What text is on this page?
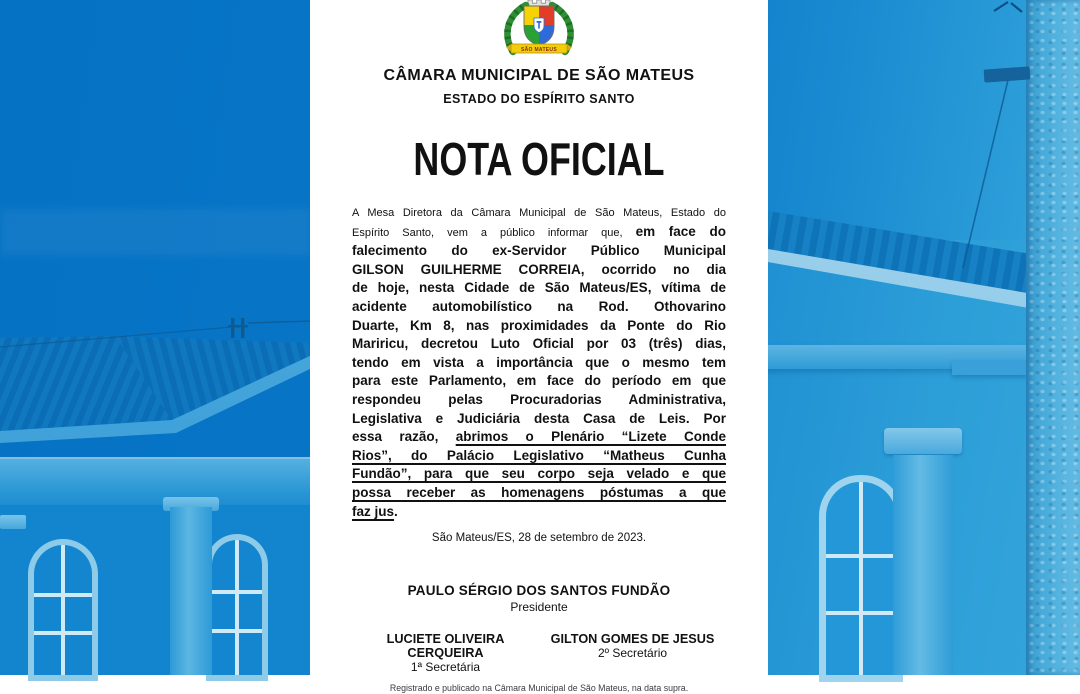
SÃO MATEUS
CÂMARA MUNICIPAL DE SÃO MATEUS
ESTADO DO ESPÍRITO SANTO
NOTA OFICIAL
A Mesa Diretora da Câmara Municipal de São Mateus, Estado do
Espírito Santo, vem a público informar que, em face do
falecimento do ex-Servidor Público Municipal
GILSON GUILHERME CORREIA, ocorrido no dia
de hoje, nesta Cidade de São Mateus/ES, vítima de
acidente automobilístico na Rod. Othovarino
Duarte, Km 8, nas proximidades da Ponte do Rio
Mariricu, decretou Luto Oficial por 03 (três) dias,
tendo em vista a importância que o mesmo tem
para este Parlamento, em face do período em que
respondeu pelas Procuradorias Administrativa,
Legislativa e Judiciária desta Casa de Leis. Por
essa razão, abrimos o Plenário “Lizete Conde
Rios”, do Palácio Legislativo “Matheus Cunha
Fundão”, para que seu corpo seja velado e que
possa receber as homenagens póstumas a que
faz jus.
São Mateus/ES, 28 de setembro de 2023.
PAULO SÉRGIO DOS SANTOS FUNDÃO
Presidente
LUCIETE OLIVEIRA CERQUEIRA
1ª Secretária
GILTON GOMES DE JESUS
2º Secretário
Registrado e publicado na Câmara Municipal de São Mateus, na data supra.
